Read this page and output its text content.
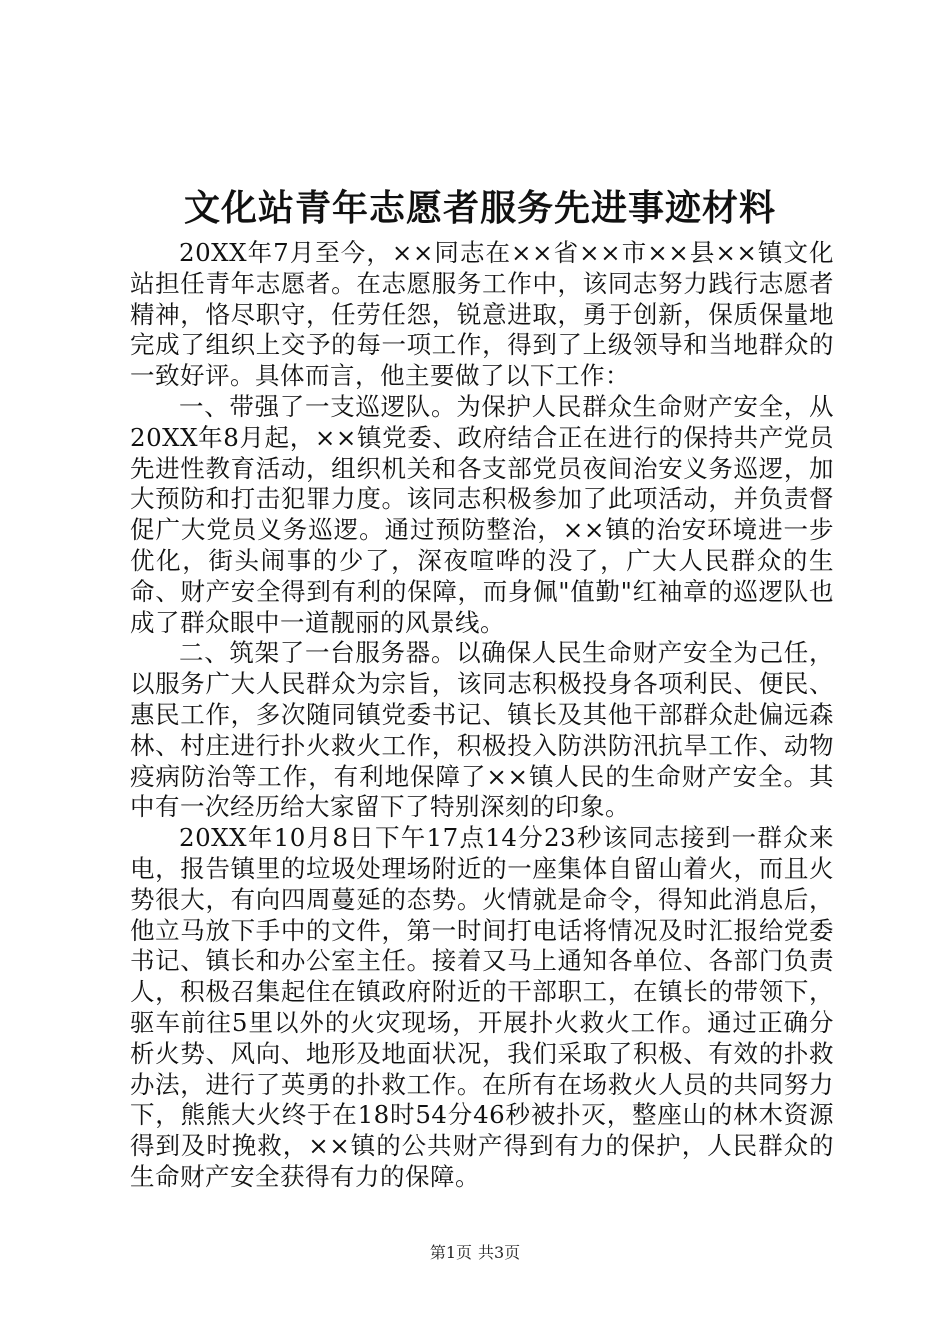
文化站青年志愿者服务先进事迹材料

20XX年7月至今，××同志在××省××市××县××镇文化站担任青年志愿者。在志愿服务工作中，该同志努力践行志愿者精神，恪尽职守，任劳任怨，锐意进取，勇于创新，保质保量地完成了组织上交予的每一项工作，得到了上级领导和当地群众的一致好评。具体而言，他主要做了以下工作：

一、带强了一支巡逻队。为保护人民群众生命财产安全，从20XX年8月起，××镇党委、政府结合正在进行的保持共产党员先进性教育活动，组织机关和各支部党员夜间治安义务巡逻，加大预防和打击犯罪力度。该同志积极参加了此项活动，并负责督促广大党员义务巡逻。通过预防整治，××镇的治安环境进一步优化，街头闹事的少了，深夜喧哗的没了，广大人民群众的生命、财产安全得到有利的保障，而身佩"值勤"红袖章的巡逻队也成了群众眼中一道靓丽的风景线。

二、筑架了一台服务器。以确保人民生命财产安全为己任，以服务广大人民群众为宗旨，该同志积极投身各项利民、便民、惠民工作，多次随同镇党委书记、镇长及其他干部群众赴偏远森林、村庄进行扑火救火工作，积极投入防洪防汛抗旱工作、动物疫病防治等工作，有利地保障了××镇人民的生命财产安全。其中有一次经历给大家留下了特别深刻的印象。

20XX年10月8日下午17点14分23秒该同志接到一群众来电，报告镇里的垃圾处理场附近的一座集体自留山着火，而且火势很大，有向四周蔓延的态势。火情就是命令，得知此消息后，他立马放下手中的文件，第一时间打电话将情况及时汇报给党委书记、镇长和办公室主任。接着又马上通知各单位、各部门负责人，积极召集起住在镇政府附近的干部职工，在镇长的带领下，驱车前往5里以外的火灾现场，开展扑火救火工作。通过正确分析火势、风向、地形及地面状况，我们采取了积极、有效的扑救办法，进行了英勇的扑救工作。在所有在场救火人员的共同努力下，熊熊大火终于在18时54分46秒被扑灭，整座山的林木资源得到及时挽救，××镇的公共财产得到有力的保护，人民群众的生命财产安全获得有力的保障。

第1页 共3页
